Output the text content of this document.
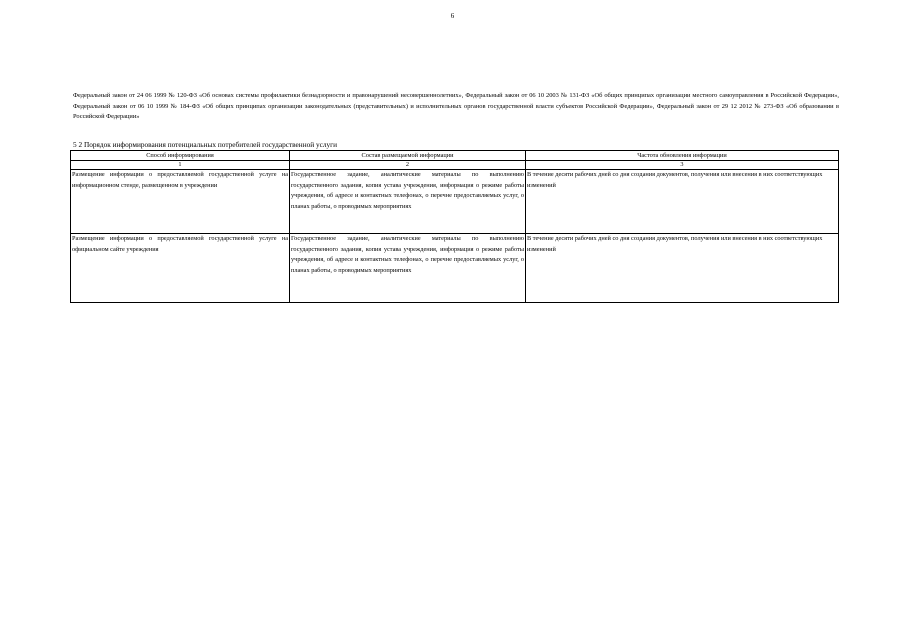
6
Федеральный закон от 24 06 1999 № 120-ФЗ «Об основах системы профилактики безнадзорности и правонарушений несовершеннолетних», Федеральный закон от 06 10 2003 № 131-ФЗ «Об общих принципах организации местного самоуправления в Российской Федерации», Федеральный закон от 06 10 1999 № 184-ФЗ «Об общих принципах организации законодательных (представительных) и исполнительных органов государственной власти субъектов Российской Федерации», Федеральный закон от 29 12 2012 № 273-ФЗ «Об образовании в Российской Федерации»
5 2 Порядок информирования потенциальных потребителей государственной услуги
Способ информирования	Состав размещаемой информации	Частота обновления информации
1	2	3
Размещение информации о предоставляемой государственной услуге на информационном стенде, размещенном в учреждении	Государственное задание, аналитические материалы по выполнению государственного задания, копия устава учреждения, информация о режиме работы учреждения, об адресе и контактных телефонах, о перечне предоставляемых услуг, о планах работы, о проводимых мероприятиях	В течение десяти рабочих дней со дня создания документов, получения или внесения в них соответствующих изменений
Размещение информации о предоставляемой государственной услуге на официальном сайте учреждения	Государственное задание, аналитические материалы по выполнению государственного задания, копия устава учреждения, информация о режиме работы учреждения, об адресе и контактных телефонах, о перечне предоставляемых услуг, о планах работы, о проводимых мероприятиях	В течение десяти рабочих дней со дня создания документов, получения или внесения в них соответствующих изменений
